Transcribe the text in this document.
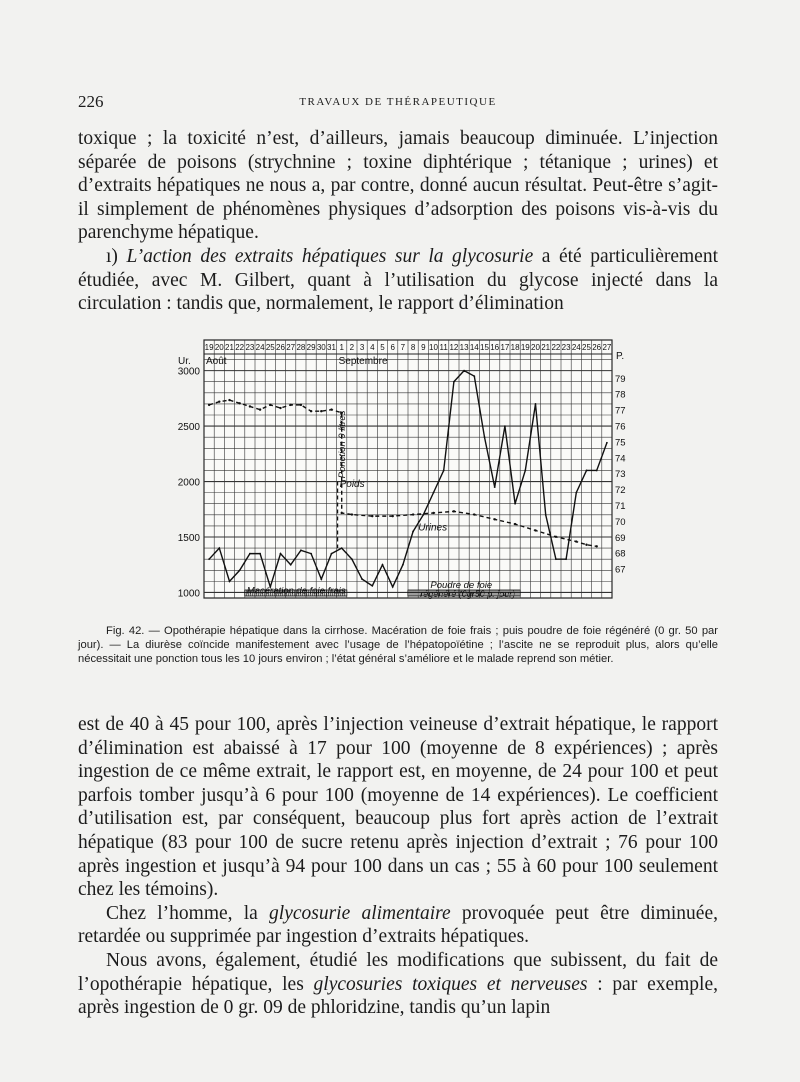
226	TRAVAUX DE THÉRAPEUTIQUE

toxique ; la toxicité n’est, d’ailleurs, jamais beaucoup diminuée. L’injection séparée de poisons (strychnine ; toxine diphtérique ; tétanique ; urines) et d’extraits hépatiques ne nous a, par contre, donné aucun résultat. Peut-être s’agit-il simplement de phénomènes physiques d’adsorption des poisons vis-à-vis du parenchyme hépatique.

ı) L’action des extraits hépatiques sur la glycosurie a été particulièrement étudiée, avec M. Gilbert, quant à l’utilisation du glycose injecté dans la circulation : tandis que, normalement, le rapport d’élimination

19 20 21 22 23 24 25 26 27 28 29 30 31 1 2 3 4 5 6 7 8 9 10 11 12 13 14 15 16 17 18 19 20 21 22 23 24 25 26 27
Août	Septembre
Ur.
1000
1500
2000
2500
3000
P.
67
68
69
70
71
72
73
74
75
76
77
78
79
Ponction 9 litres
Poids
Urines
Macération de foie frais
Poudre de foie
régénéré (0gr50 p. jour)

Fig. 42. — Opothérapie hépatique dans la cirrhose. Macération de foie frais ; puis poudre de foie régénéré (0 gr. 50 par jour). — La diurèse coïncide manifestement avec l’usage de l’hépatopoïétine ; l’ascite ne se reproduit plus, alors qu’elle nécessitait une ponction tous les 10 jours environ ; l’état général s’améliore et le malade reprend son métier.

est de 40 à 45 pour 100, après l’injection veineuse d’extrait hépatique, le rapport d’élimination est abaissé à 17 pour 100 (moyenne de 8 expériences) ; après ingestion de ce même extrait, le rapport est, en moyenne, de 24 pour 100 et peut parfois tomber jusqu’à 6 pour 100 (moyenne de 14 expériences). Le coefficient d’utilisation est, par conséquent, beaucoup plus fort après action de l’extrait hépatique (83 pour 100 de sucre retenu après injection d’extrait ; 76 pour 100 après ingestion et jusqu’à 94 pour 100 dans un cas ; 55 à 60 pour 100 seulement chez les témoins).

Chez l’homme, la glycosurie alimentaire provoquée peut être diminuée, retardée ou supprimée par ingestion d’extraits hépatiques.

Nous avons, également, étudié les modifications que subissent, du fait de l’opothérapie hépatique, les glycosuries toxiques et nerveuses : par exemple, après ingestion de 0 gr. 09 de phloridzine, tandis qu’un lapin
